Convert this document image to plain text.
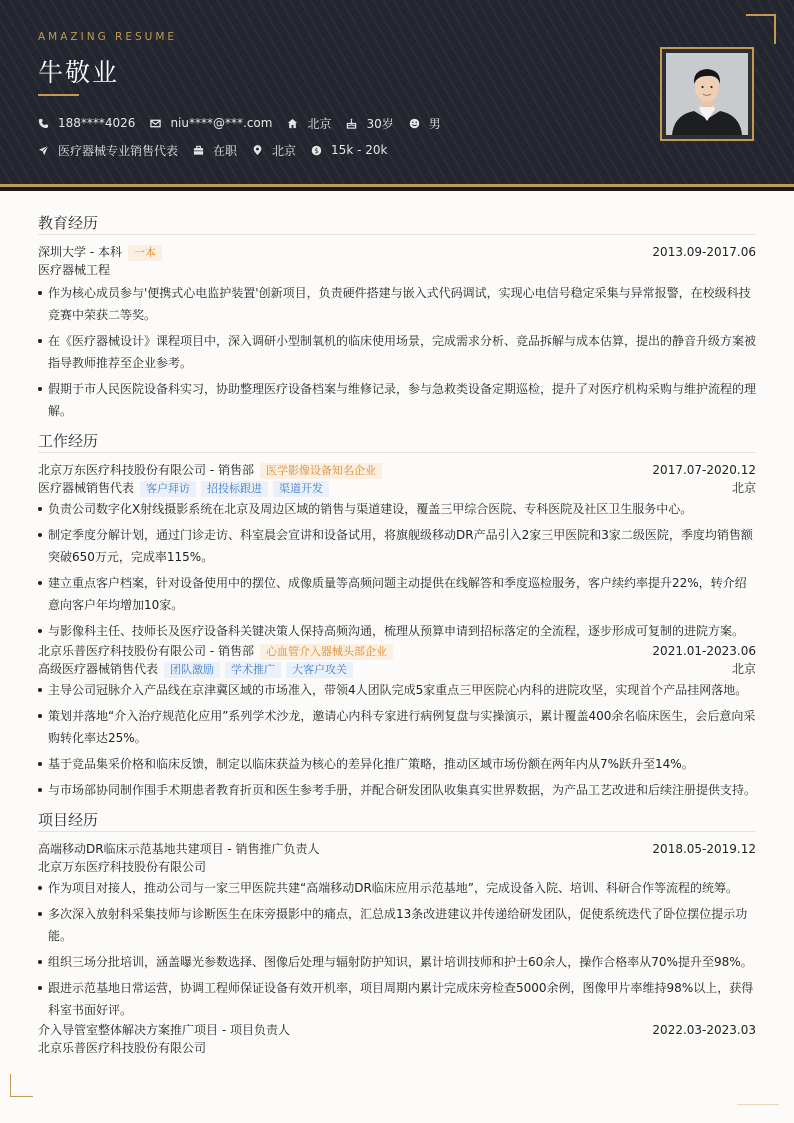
AMAZING RESUME
牛敬业
188****4026	niu****@***.com	北京	30岁	男
医疗器械专业销售代表	在职	北京 $ 15k - 20k
教育经历
深圳大学 - 本科 一本	2013.09-2017.06
医疗器械工程
作为核心成员参与'便携式心电监护装置'创新项目，负责硬件搭建与嵌入式代码调试，实现心电信号稳定采集与异常报警，在校级科技竞赛中荣获二等奖。
在《医疗器械设计》课程项目中，深入调研小型制氧机的临床使用场景，完成需求分析、竞品拆解与成本估算，提出的静音升级方案被指导教师推荐至企业参考。
假期于市人民医院设备科实习，协助整理医疗设备档案与维修记录，参与急救类设备定期巡检，提升了对医疗机构采购与维护流程的理解。
工作经历
北京万东医疗科技股份有限公司 - 销售部 医学影像设备知名企业	2017.07-2020.12
医疗器械销售代表 客户拜访 招投标跟进 渠道开发	北京
负责公司数字化X射线摄影系统在北京及周边区域的销售与渠道建设，覆盖三甲综合医院、专科医院及社区卫生服务中心。
制定季度分解计划，通过门诊走访、科室晨会宣讲和设备试用，将旗舰级移动DR产品引入2家三甲医院和3家二级医院，季度均销售额突破650万元，完成率115%。
建立重点客户档案，针对设备使用中的摆位、成像质量等高频问题主动提供在线解答和季度巡检服务，客户续约率提升22%，转介绍意向客户年均增加10家。
与影像科主任、技师长及医疗设备科关键决策人保持高频沟通，梳理从预算申请到招标落定的全流程，逐步形成可复制的进院方案。
北京乐普医疗科技股份有限公司 - 销售部 心血管介入器械头部企业	2021.01-2023.06
高级医疗器械销售代表 团队激励 学术推广 大客户攻关	北京
主导公司冠脉介入产品线在京津冀区域的市场准入，带领4人团队完成5家重点三甲医院心内科的进院攻坚，实现首个产品挂网落地。
策划并落地“介入治疗规范化应用”系列学术沙龙，邀请心内科专家进行病例复盘与实操演示，累计覆盖400余名临床医生，会后意向采购转化率达25%。
基于竞品集采价格和临床反馈，制定以临床获益为核心的差异化推广策略，推动区域市场份额在两年内从7%跃升至14%。
与市场部协同制作围手术期患者教育折页和医生参考手册，并配合研发团队收集真实世界数据，为产品工艺改进和后续注册提供支持。
项目经历
高端移动DR临床示范基地共建项目 - 销售推广负责人	2018.05-2019.12
北京万东医疗科技股份有限公司
作为项目对接人，推动公司与一家三甲医院共建“高端移动DR临床应用示范基地”，完成设备入院、培训、科研合作等流程的统筹。
多次深入放射科采集技师与诊断医生在床旁摄影中的痛点，汇总成13条改进建议并传递给研发团队，促使系统迭代了卧位摆位提示功能。
组织三场分批培训，涵盖曝光参数选择、图像后处理与辐射防护知识，累计培训技师和护士60余人，操作合格率从70%提升至98%。
跟进示范基地日常运营，协调工程师保证设备有效开机率，项目周期内累计完成床旁检查5000余例，图像甲片率维持98%以上，获得科室书面好评。
介入导管室整体解决方案推广项目 - 项目负责人	2022.03-2023.03
北京乐普医疗科技股份有限公司
